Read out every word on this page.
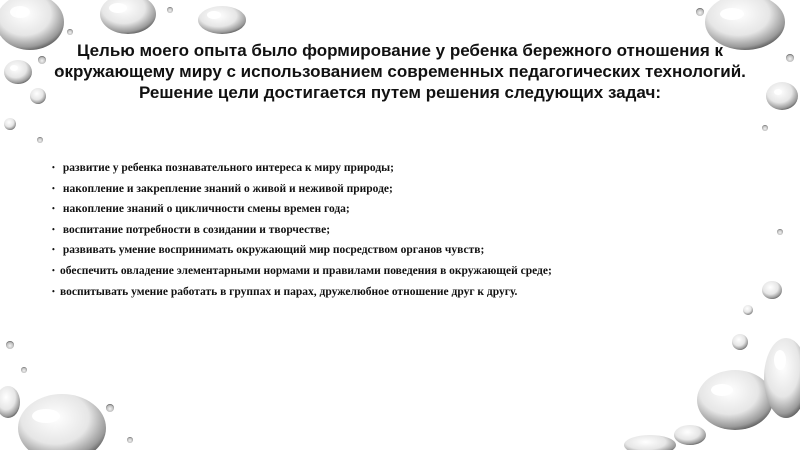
Целью моего опыта было формирование у ребенка бережного отношения к окружающему миру с использованием современных педагогических технологий. Решение цели достигается путем решения следующих задач:

• развитие у ребенка познавательного интереса к миру природы;
• накопление и закрепление знаний о живой и неживой природе;
• накопление знаний о цикличности смены времен года;
• воспитание потребности в созидании и творчестве;
• развивать умение воспринимать окружающий мир посредством органов чувств;
• обеспечить овладение элементарными нормами и правилами поведения в окружающей среде;
• воспитывать умение работать в группах и парах, дружелюбное отношение друг к другу.
